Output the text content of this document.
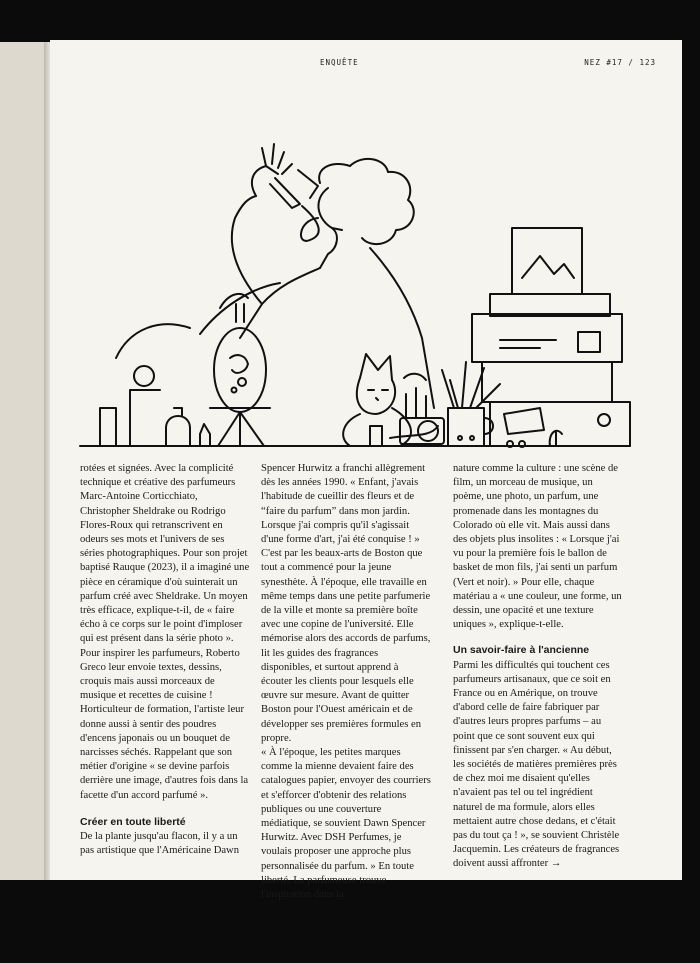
ENQUÊTE	NEZ #17 / 123

rotées et signées. Avec la complicité technique et créative des parfumeurs Marc-Antoine Corticchiato, Christopher Sheldrake ou Rodrigo Flores-Roux qui retranscrivent en odeurs ses mots et l'univers de ses séries photographiques. Pour son projet baptisé Rauque (2023), il a imaginé une pièce en céramique d'où suinterait un parfum créé avec Sheldrake. Un moyen très efficace, explique-t-il, de « faire écho à ce corps sur le point d'imploser qui est présent dans la série photo ».

Pour inspirer les parfumeurs, Roberto Greco leur envoie textes, dessins, croquis mais aussi morceaux de musique et recettes de cuisine ! Horticulteur de formation, l'artiste leur donne aussi à sentir des poudres d'encens japonais ou un bouquet de narcisses séchés. Rappelant que son métier d'origine « se devine parfois derrière une image, d'autres fois dans la facette d'un accord parfumé ».

Créer en toute liberté

De la plante jusqu'au flacon, il y a un pas artistique que l'Américaine Dawn

Spencer Hurwitz a franchi allègrement dès les années 1990. « Enfant, j'avais l'habitude de cueillir des fleurs et de “faire du parfum” dans mon jardin. Lorsque j'ai compris qu'il s'agissait d'une forme d'art, j'ai été conquise ! » C'est par les beaux-arts de Boston que tout a commencé pour la jeune synesthète. À l'époque, elle travaille en même temps dans une petite parfumerie de la ville et monte sa première boîte avec une copine de l'université. Elle mémorise alors des accords de parfums, lit les guides des fragrances disponibles, et surtout apprend à écouter les clients pour lesquels elle œuvre sur mesure. Avant de quitter Boston pour l'Ouest américain et de développer ses premières formules en propre.

« À l'époque, les petites marques comme la mienne devaient faire des catalogues papier, envoyer des courriers et s'efforcer d'obtenir des relations publiques ou une couverture médiatique, se souvient Dawn Spencer Hurwitz. Avec DSH Perfumes, je voulais proposer une approche plus personnalisée du parfum. » En toute liberté. La parfumeuse trouve l'inspiration dans la

nature comme la culture : une scène de film, un morceau de musique, un poème, une photo, un parfum, une promenade dans les montagnes du Colorado où elle vit. Mais aussi dans des objets plus insolites : « Lorsque j'ai vu pour la première fois le ballon de basket de mon fils, j'ai senti un parfum (Vert et noir). » Pour elle, chaque matériau a « une couleur, une forme, un dessin, une opacité et une texture uniques », explique-t-elle.

Un savoir-faire à l'ancienne

Parmi les difficultés qui touchent ces parfumeurs artisanaux, que ce soit en France ou en Amérique, on trouve d'abord celle de faire fabriquer par d'autres leurs propres parfums – au point que ce sont souvent eux qui finissent par s'en charger. « Au début, les sociétés de matières premières près de chez moi me disaient qu'elles n'avaient pas tel ou tel ingrédient naturel de ma formule, alors elles mettaient autre chose dedans, et c'était pas du tout ça ! », se souvient Christèle Jacquemin. Les créateurs de fragrances doivent aussi affronter →
